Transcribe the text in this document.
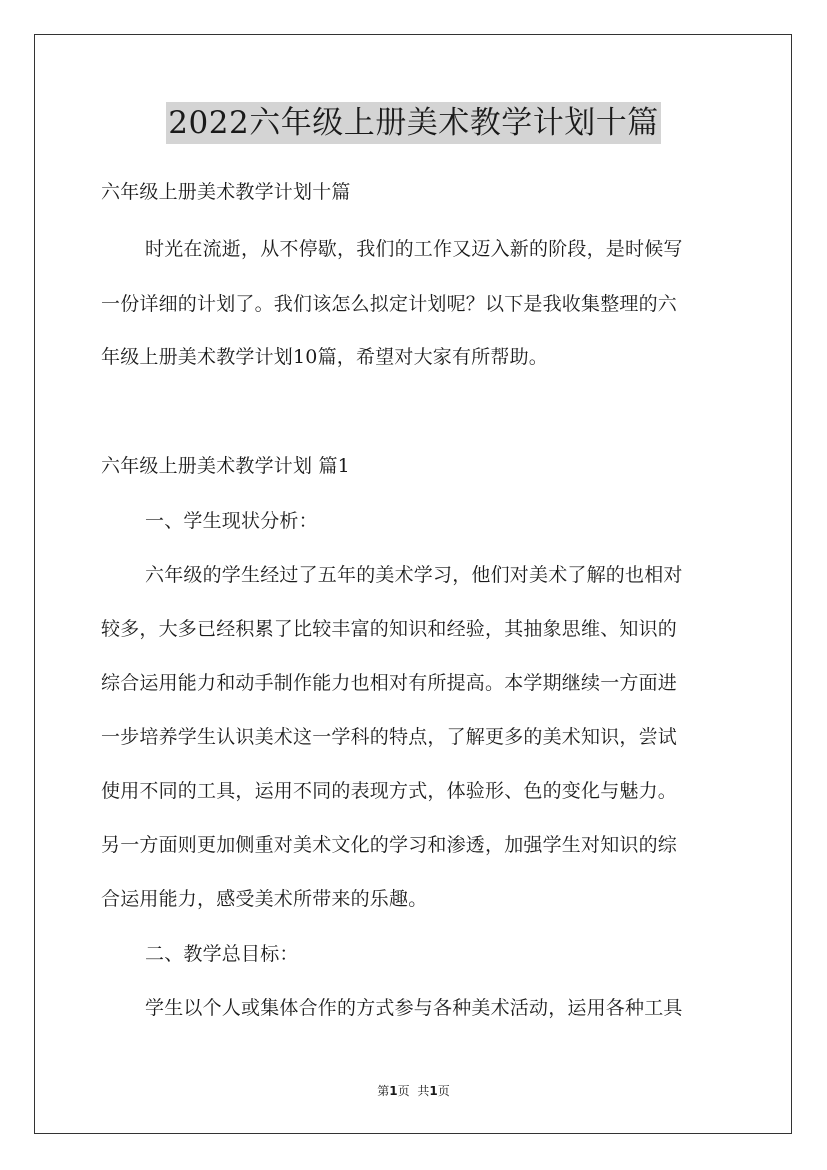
2022六年级上册美术教学计划十篇
六年级上册美术教学计划十篇
时光在流逝，从不停歇，我们的工作又迈入新的阶段，是时候写
一份详细的计划了。我们该怎么拟定计划呢？以下是我收集整理的六
年级上册美术教学计划10篇，希望对大家有所帮助。
六年级上册美术教学计划 篇1
一、学生现状分析：
六年级的学生经过了五年的美术学习，他们对美术了解的也相对
较多，大多已经积累了比较丰富的知识和经验，其抽象思维、知识的
综合运用能力和动手制作能力也相对有所提高。本学期继续一方面进
一步培养学生认识美术这一学科的特点，了解更多的美术知识，尝试
使用不同的工具，运用不同的表现方式，体验形、色的变化与魅力。
另一方面则更加侧重对美术文化的学习和渗透，加强学生对知识的综
合运用能力，感受美术所带来的乐趣。
二、教学总目标：
学生以个人或集体合作的方式参与各种美术活动，运用各种工具
第1页 共1页
